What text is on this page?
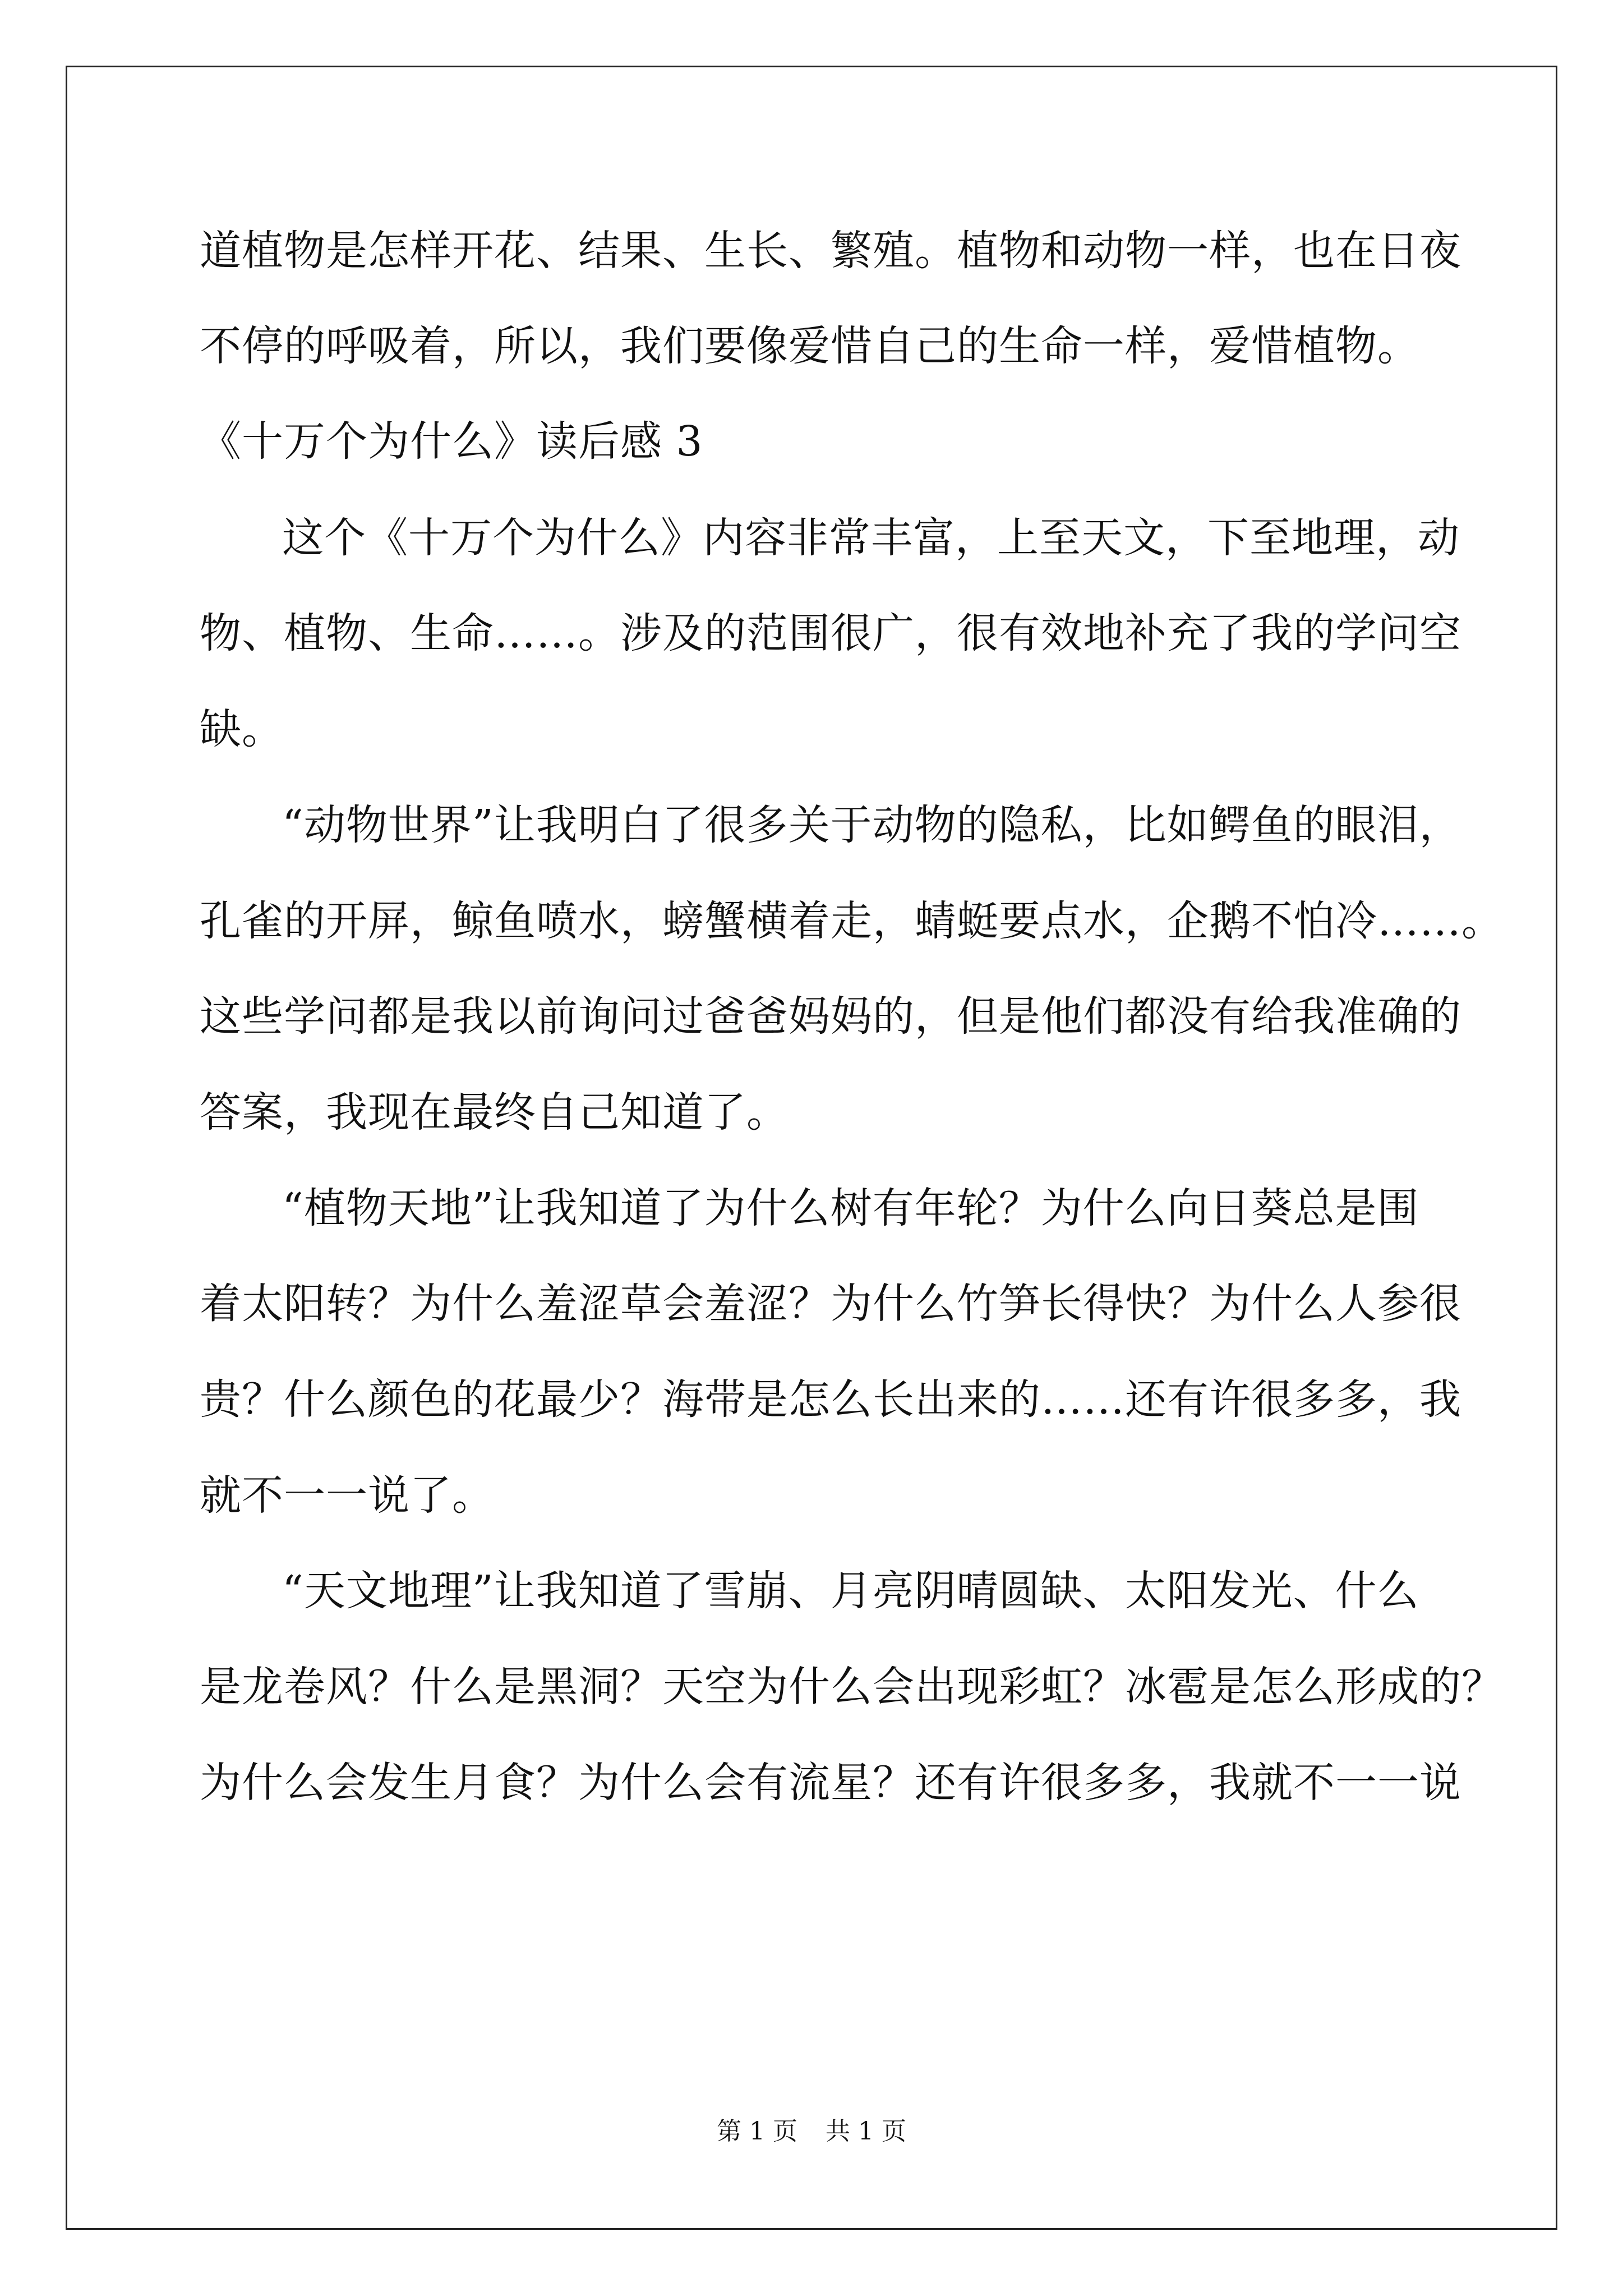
道植物是怎样开花、结果、生长、繁殖。植物和动物一样，也在日夜
不停的呼吸着，所以，我们要像爱惜自己的生命一样，爱惜植物。
《十万个为什么》读后感 3
这个《十万个为什么》内容非常丰富，上至天文，下至地理，动
物、植物、生命……。涉及的范围很广，很有效地补充了我的学问空
缺。
“动物世界”让我明白了很多关于动物的隐私，比如鳄鱼的眼泪，
孔雀的开屏，鲸鱼喷水，螃蟹横着走，蜻蜓要点水，企鹅不怕冷……。
这些学问都是我以前询问过爸爸妈妈的，但是他们都没有给我准确的
答案，我现在最终自己知道了。
“植物天地”让我知道了为什么树有年轮？为什么向日葵总是围
着太阳转？为什么羞涩草会羞涩？为什么竹笋长得快？为什么人参很
贵？什么颜色的花最少？海带是怎么长出来的……还有许很多多，我
就不一一说了。
“天文地理”让我知道了雪崩、月亮阴晴圆缺、太阳发光、什么
是龙卷风？什么是黑洞？天空为什么会出现彩虹？冰雹是怎么形成的？
为什么会发生月食？为什么会有流星？还有许很多多，我就不一一说
第 1 页 共 1 页
